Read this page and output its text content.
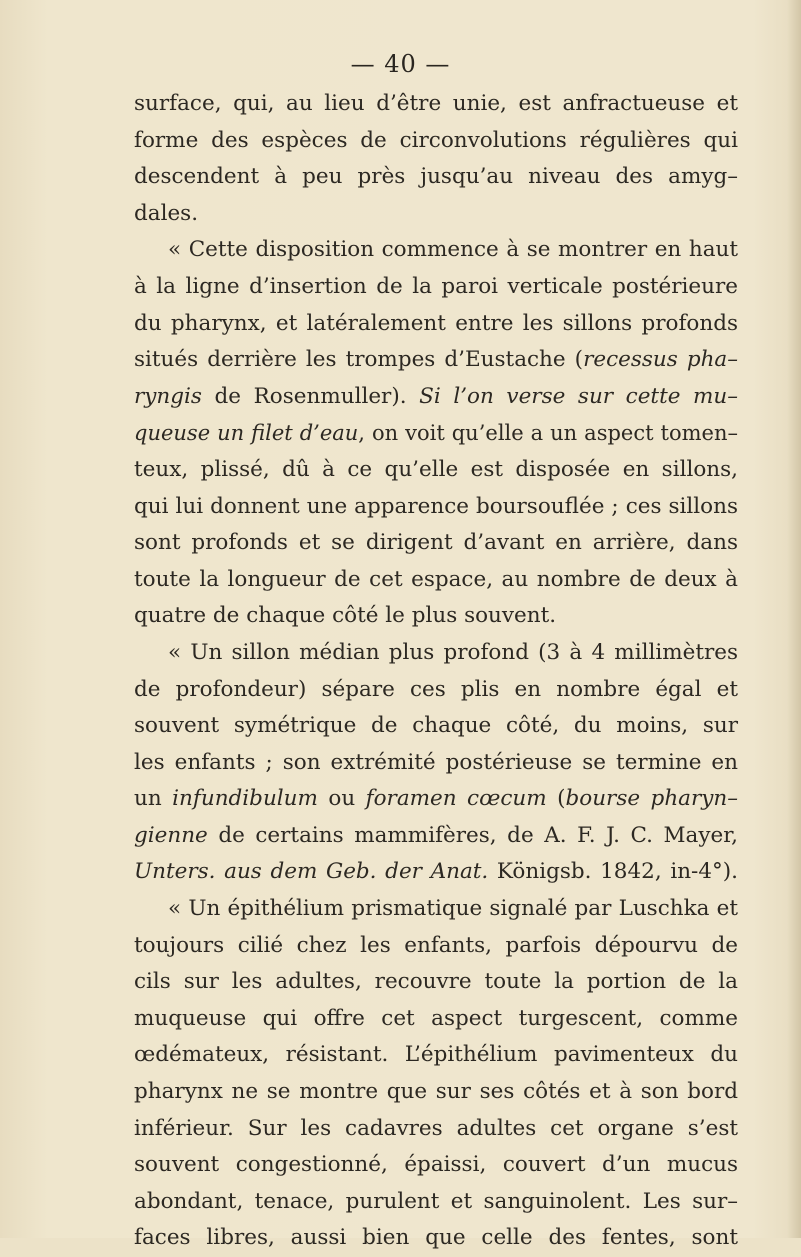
— 40 —
surface, qui, au lieu d’être unie, est anfractueuse et
forme des espèces de circonvolutions régulières qui
descendent à peu près jusqu’au niveau des amyg–
dales.
« Cette disposition commence à se montrer en haut
à la ligne d’insertion de la paroi verticale postérieure
du pharynx, et latéralement entre les sillons profonds
situés derrière les trompes d’Eustache (recessus pha–
ryngis de Rosenmuller). Si l’on verse sur cette mu–
queuse un filet d’eau, on voit qu’elle a un aspect tomen–
teux, plissé, dû à ce qu’elle est disposée en sillons,
qui lui donnent une apparence boursouflée ; ces sillons
sont profonds et se dirigent d’avant en arrière, dans
toute la longueur de cet espace, au nombre de deux à
quatre de chaque côté le plus souvent.
« Un sillon médian plus profond (3 à 4 millimètres
de profondeur) sépare ces plis en nombre égal et
souvent symétrique de chaque côté, du moins, sur
les enfants ; son extrémité postérieuse se termine en
un infundibulum ou foramen cœcum (bourse pharyn–
gienne de certains mammifères, de A. F. J. C. Mayer,
Unters. aus dem Geb. der Anat. Königsb. 1842, in-4°).
« Un épithélium prismatique signalé par Luschka et
toujours cilié chez les enfants, parfois dépourvu de
cils sur les adultes, recouvre toute la portion de la
muqueuse qui offre cet aspect turgescent, comme
œdémateux, résistant. L’épithélium pavimenteux du
pharynx ne se montre que sur ses côtés et à son bord
inférieur. Sur les cadavres adultes cet organe s’est
souvent congestionné, épaissi, couvert d’un mucus
abondant, tenace, purulent et sanguinolent. Les sur–
faces libres, aussi bien que celle des fentes, sont
